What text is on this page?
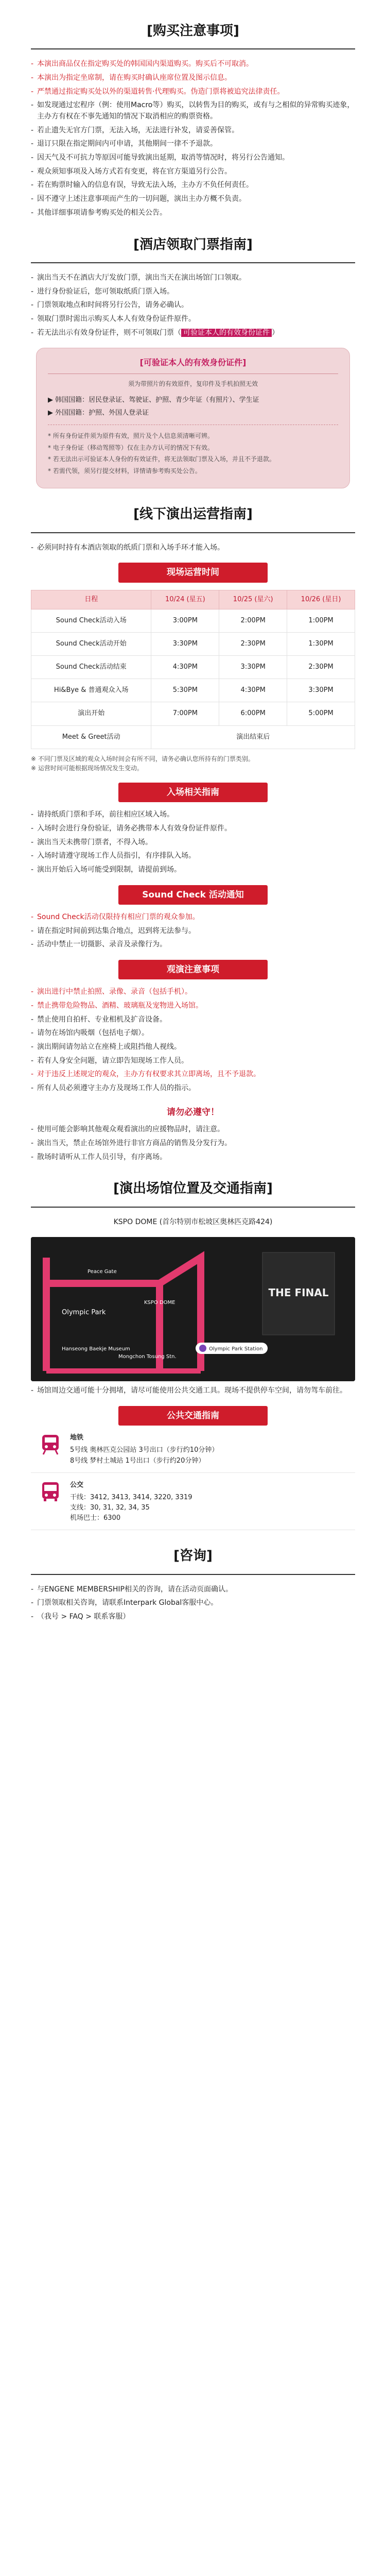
[购买注意事项]
- 本演出商品仅在指定购买处的韩国国内渠道购买。购买后不可取消。
- 本演出为指定坐席制，请在购买时确认座席位置及图示信息。
- 严禁通过指定购买处以外的渠道转售·代理购买。伪造门票将被追究法律责任。
- 如发现通过宏程序（例：使用Macro等）购买，以转售为目的购买，或有与之相似的异常购买迹象，主办方有权在不事先通知的情况下取消相应的购票资格。
- 若止遗失无官方门票，无法入场，无法进行补发，请妥善保管。
- 退订只限在指定期间内可申请，其他期间一律不予退款。
- 因天气及不可抗力等原因可能导致演出延期，取消等情况时，将另行公告通知。
- 观众须知事项及入场方式若有变更，将在官方渠道另行公告。
- 若在购票时输入的信息有误，导致无法入场，主办方不负任何责任。
- 因不遵守上述注意事项而产生的一切问题，演出主办方概不负责。
- 其他详细事项请参考购买处的相关公告。
[酒店领取门票指南]
- 演出当天不在酒店大厅发放门票，演出当天在演出场馆门口领取。
- 进行身份验证后，您可领取纸质门票入场。
- 门票领取地点和时间将另行公告，请务必确认。
- 领取门票时需出示购买人本人有效身份证件原件。
- 若无法出示有效身份证件，则不可领取门票（ 可验证本人的有效身份证件 ）
[可验证本人的有效身份证件]
须为带照片的有效原件，复印件及手机拍照无效
▶ 韩国国籍：居民登录证、驾驶证、护照、青少年证（有照片）、学生证
▶ 外国国籍：护照、外国人登录证
* 所有身份证件须为原件有效，照片及个人信息须清晰可辨。
* 电子身份证（移动驾照等）仅在主办方认可的情况下有效。
* 若无法出示可验证本人身份的有效证件，将无法领取门票及入场，并且不予退款。
* 若需代领，须另行提交材料，详情请参考购买处公告。
[线下演出运营指南]
- 必须同时持有本酒店领取的纸质门票和入场手环才能入场。
现场运营时间
日程	10/24 (星五)	10/25 (星六)	10/26 (星日)
Sound Check活动入场	3:00PM	2:00PM	1:00PM
Sound Check活动开始	3:30PM	2:30PM	1:30PM
Sound Check活动结束	4:30PM	3:30PM	2:30PM
Hi&Bye & 普通观众入场	5:30PM	4:30PM	3:30PM
演出开始	7:00PM	6:00PM	5:00PM
Meet & Greet活动	演出结束后		
※ 不同门票及区域的观众入场时间会有所不同，请务必确认您所持有的门票类别。
※ 运营时间可能根据现场情况发生变动。
入场相关指南
- 请持纸质门票和手环，前往相应区域入场。
- 入场时会进行身份验证，请务必携带本人有效身份证件原件。
- 演出当天未携带门票者，不得入场。
- 入场时请遵守现场工作人员指引，有序排队入场。
- 演出开始后入场可能受到限制，请提前到场。
Sound Check 活动通知
- Sound Check活动仅限持有相应门票的观众参加。
- 请在指定时间前到达集合地点，迟到将无法参与。
- 活动中禁止一切摄影、录音及录像行为。
观演注意事项
- 演出进行中禁止拍照、录像、录音（包括手机）。
- 禁止携带危险物品、酒精、玻璃瓶及宠物进入场馆。
- 禁止使用自拍杆、专业相机及扩音设备。
- 请勿在场馆内吸烟（包括电子烟）。
- 演出期间请勿站立在座椅上或阻挡他人视线。
- 若有人身安全问题，请立即告知现场工作人员。
- 对于违反上述规定的观众，主办方有权要求其立即离场，且不予退款。
- 所有人员必须遵守主办方及现场工作人员的指示。
请勿必遵守！
- 使用可能会影响其他观众观看演出的应援物品时，请注意。
- 演出当天，禁止在场馆外进行非官方商品的销售及分发行为。
- 散场时请听从工作人员引导，有序离场。
[演出场馆位置及交通指南]
KSPO DOME (首尔特别市松坡区奥林匹克路424)
Olympic Park
Peace Gate
Mongchon Tosung Stn.
KSPO DOME
Hanseong Baekje Museum	Olympic Park Station
THE FINAL
- 场馆周边交通可能十分拥堵，请尽可能使用公共交通工具。现场不提供停车空间，请勿驾车前往。
公共交通指南
地铁
5号线 奥林匹克公园站 3号出口（步行约10分钟）
8号线 梦村土城站 1号出口（步行约20分钟）
公交
干线：3412, 3413, 3414, 3220, 3319
支线：30, 31, 32, 34, 35
机场巴士：6300
[咨询]
- 与ENGENE MEMBERSHIP相关的咨询，请在活动页面确认。
- 门票领取相关咨询，请联系Interpark Global客服中心。
- （我号 > FAQ > 联系客服）
